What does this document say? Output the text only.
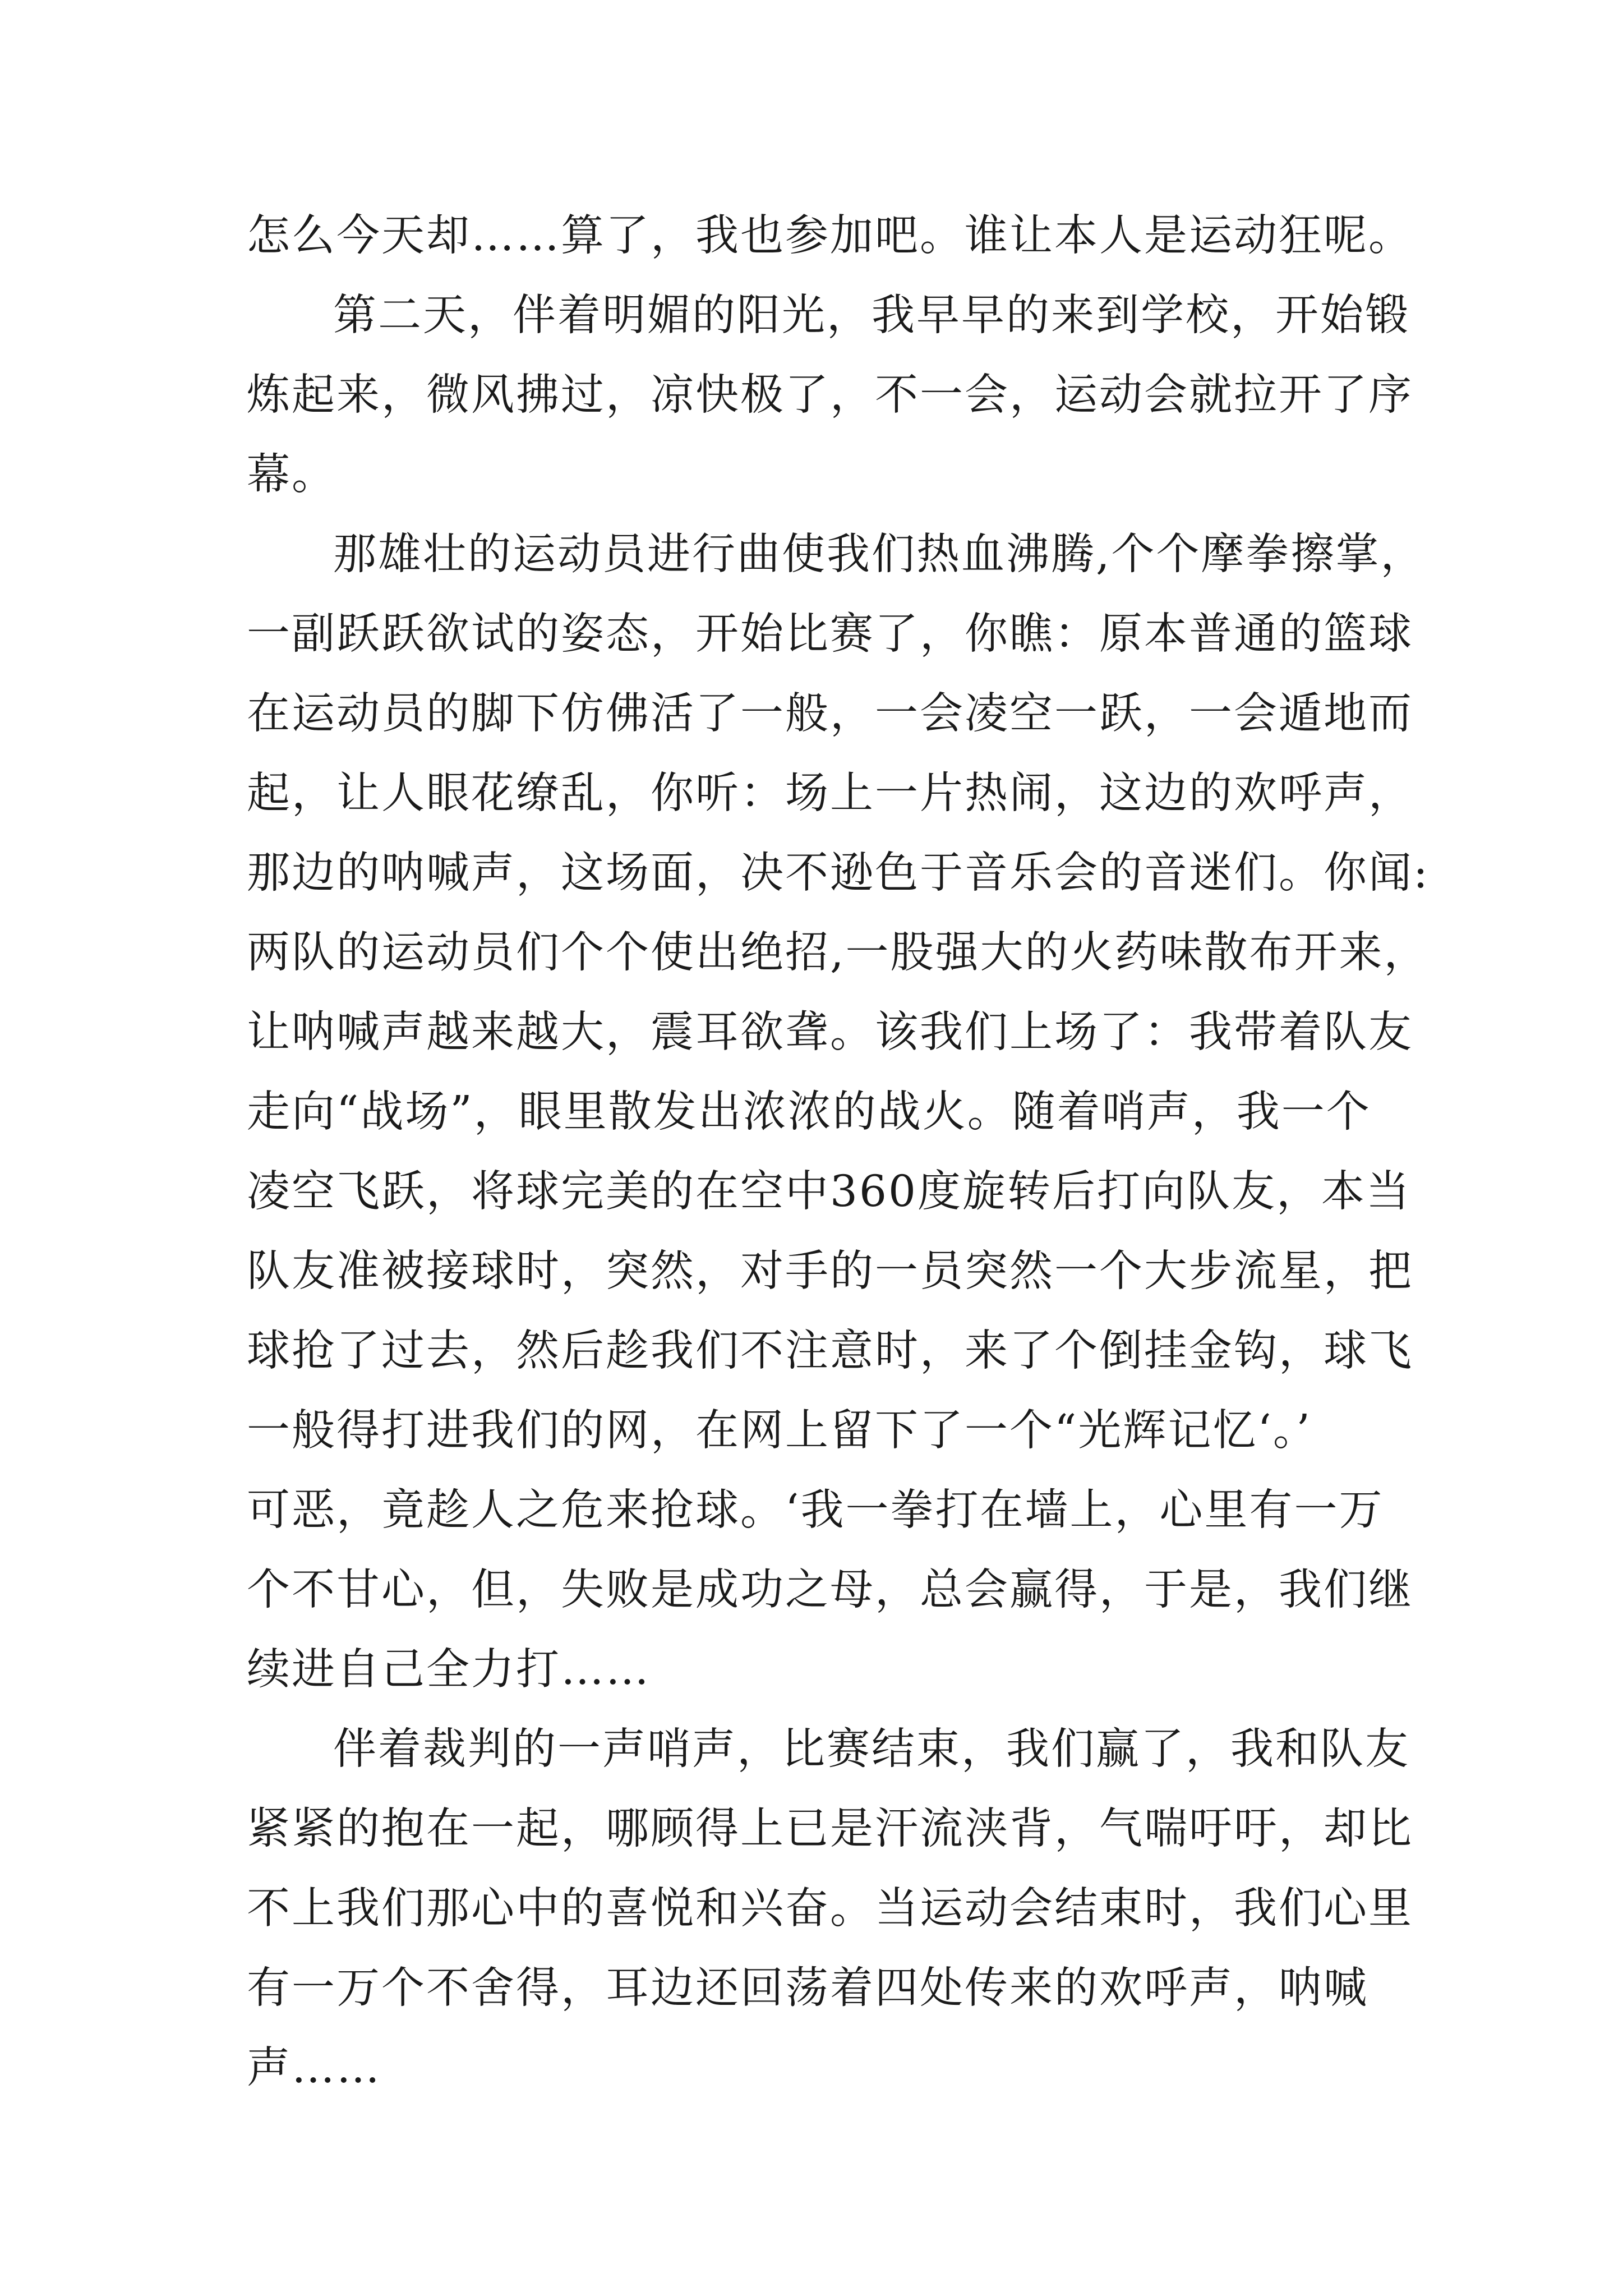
怎么今天却……算了，我也参加吧。谁让本人是运动狂呢。
第二天，伴着明媚的阳光，我早早的来到学校，开始锻
炼起来，微风拂过，凉快极了，不一会，运动会就拉开了序
幕。
那雄壮的运动员进行曲使我们热血沸腾,个个摩拳擦掌，
一副跃跃欲试的姿态，开始比赛了，你瞧：原本普通的篮球
在运动员的脚下仿佛活了一般，一会凌空一跃，一会遁地而
起，让人眼花缭乱，你听：场上一片热闹，这边的欢呼声，
那边的呐喊声，这场面，决不逊色于音乐会的音迷们。你闻:
两队的运动员们个个使出绝招,一股强大的火药味散布开来，
让呐喊声越来越大，震耳欲聋。该我们上场了：我带着队友
走向“战场”，眼里散发出浓浓的战火。随着哨声，我一个
凌空飞跃，将球完美的在空中360度旋转后打向队友，本当
队友准被接球时，突然，对手的一员突然一个大步流星，把
球抢了过去，然后趁我们不注意时，来了个倒挂金钩，球飞
一般得打进我们的网，在网上留下了一个“光辉记忆‘。’
可恶，竟趁人之危来抢球。‘我一拳打在墙上，心里有一万
个不甘心，但，失败是成功之母，总会赢得，于是，我们继
续进自己全力打……
伴着裁判的一声哨声，比赛结束，我们赢了，我和队友
紧紧的抱在一起，哪顾得上已是汗流浃背，气喘吁吁，却比
不上我们那心中的喜悦和兴奋。当运动会结束时，我们心里
有一万个不舍得，耳边还回荡着四处传来的欢呼声，呐喊
声……
